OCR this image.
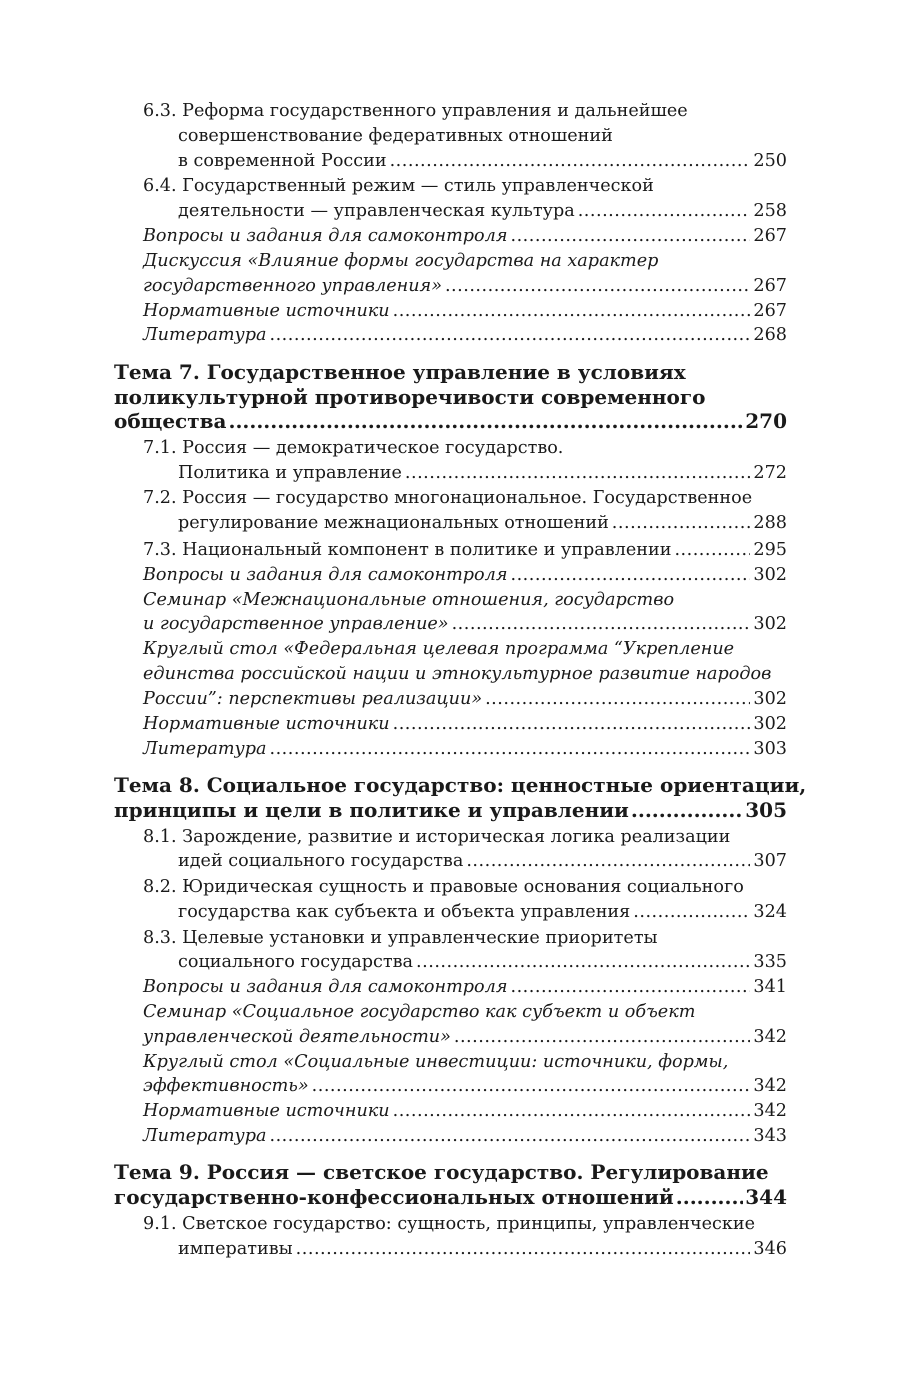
6.3. Реформа государственного управления и дальнейшее
совершенствование федеративных отношений
в современной России .....	250
6.4. Государственный режим — стиль управленческой
деятельности — управленческая культура .....	258
Вопросы и задания для самоконтроля .....	267
Дискуссия «Влияние формы государства на характер
государственного управления» .....	267
Нормативные источники .....	267
Литература .....	268
Тема 7. Государственное управление в условиях
поликультурной противоречивости современного
общества .....	270
7.1. Россия — демократическое государство.
Политика и управление .....	272
7.2. Россия — государство многонациональное. Государственное
регулирование межнациональных отношений .....	288
7.3. Национальный компонент в политике и управлении .....	295
Вопросы и задания для самоконтроля .....	302
Семинар «Межнациональные отношения, государство
и государственное управление» .....	302
Круглый стол «Федеральная целевая программа “Укрепление
единства российской нации и этнокультурное развитие народов
России”: перспективы реализации» .....	302
Нормативные источники .....	302
Литература .....	303
Тема 8. Социальное государство: ценностные ориентации,
принципы и цели в политике и управлении .....	305
8.1. Зарождение, развитие и историческая логика реализации
идей социального государства .....	307
8.2. Юридическая сущность и правовые основания социального
государства как субъекта и объекта управления .....	324
8.3. Целевые установки и управленческие приоритеты
социального государства .....	335
Вопросы и задания для самоконтроля .....	341
Семинар «Социальное государство как субъект и объект
управленческой деятельности» .....	342
Круглый стол «Социальные инвестиции: источники, формы,
эффективность» .....	342
Нормативные источники .....	342
Литература .....	343
Тема 9. Россия — светское государство. Регулирование
государственно-конфессиональных отношений .....	344
9.1. Светское государство: сущность, принципы, управленческие
императивы .....	346
